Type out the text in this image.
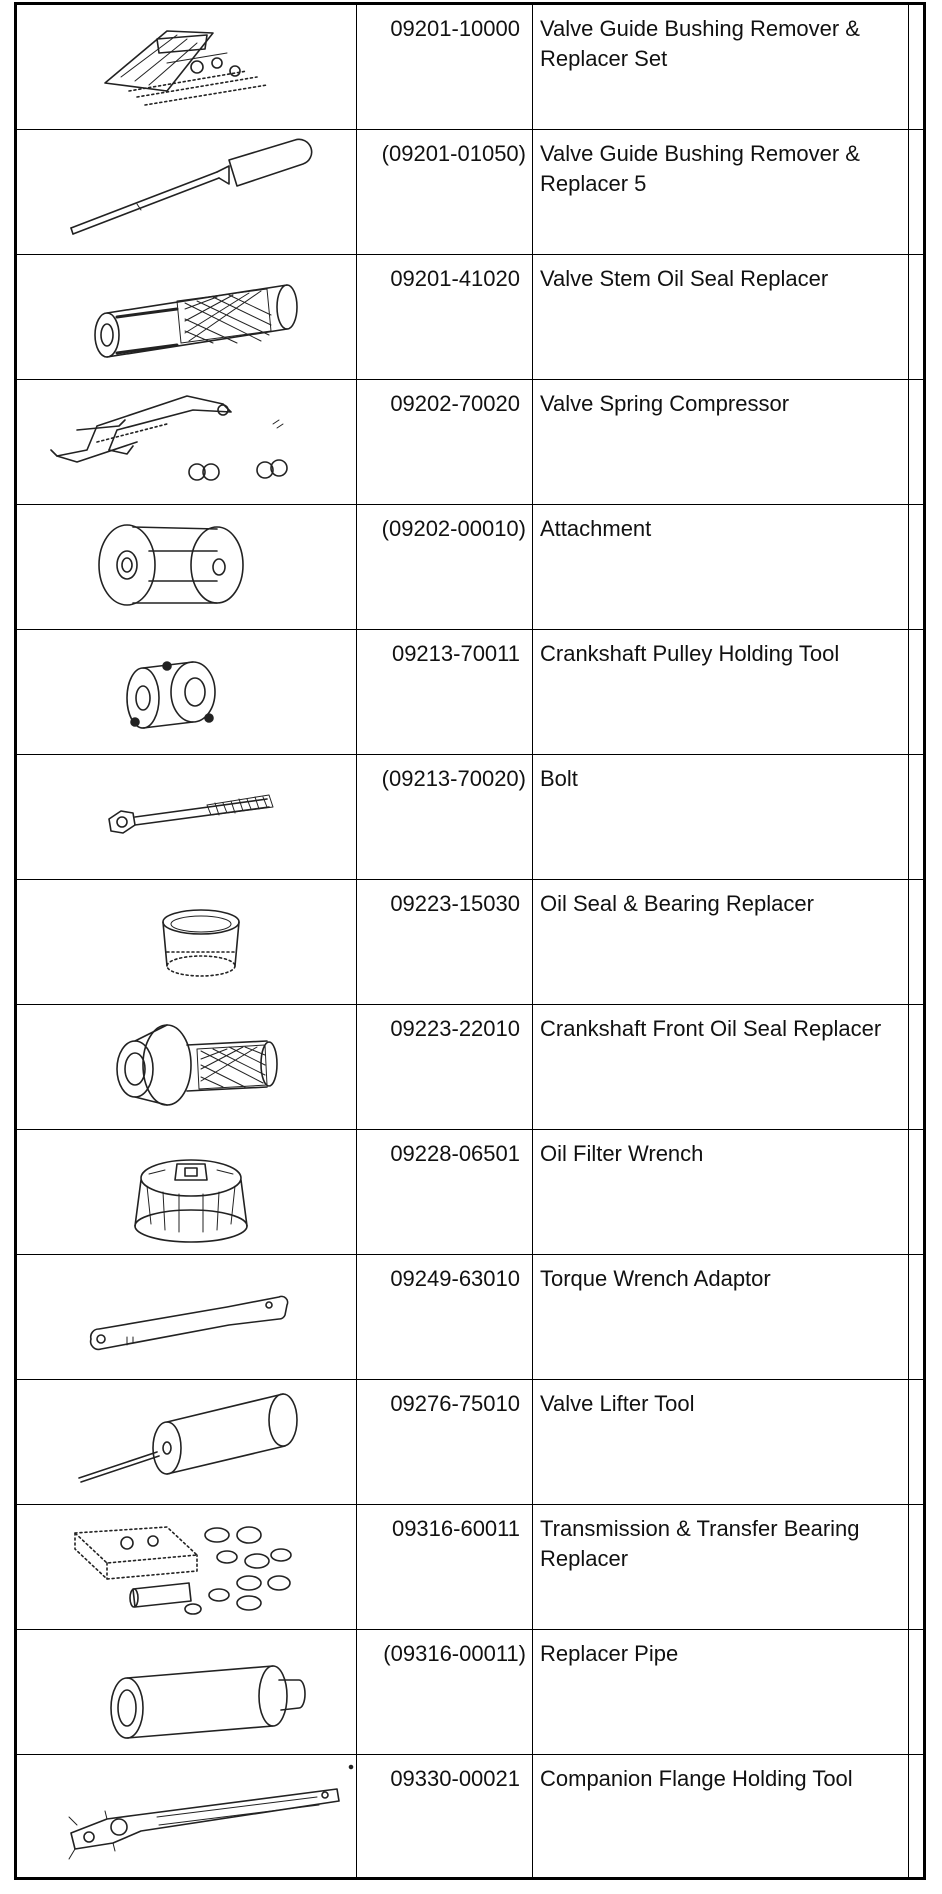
09201-10000 Valve Guide Bushing Remover & Replacer Set
(09201-01050) Valve Guide Bushing Remover & Replacer 5
09201-41020 Valve Stem Oil Seal Replacer
09202-70020 Valve Spring Compressor
(09202-00010) Attachment
09213-70011 Crankshaft Pulley Holding Tool
(09213-70020) Bolt
09223-15030 Oil Seal & Bearing Replacer
09223-22010 Crankshaft Front Oil Seal Replacer
09228-06501 Oil Filter Wrench
09249-63010 Torque Wrench Adaptor
09276-75010 Valve Lifter Tool
09316-60011 Transmission & Transfer Bearing Replacer
(09316-00011) Replacer Pipe
09330-00021 Companion Flange Holding Tool
